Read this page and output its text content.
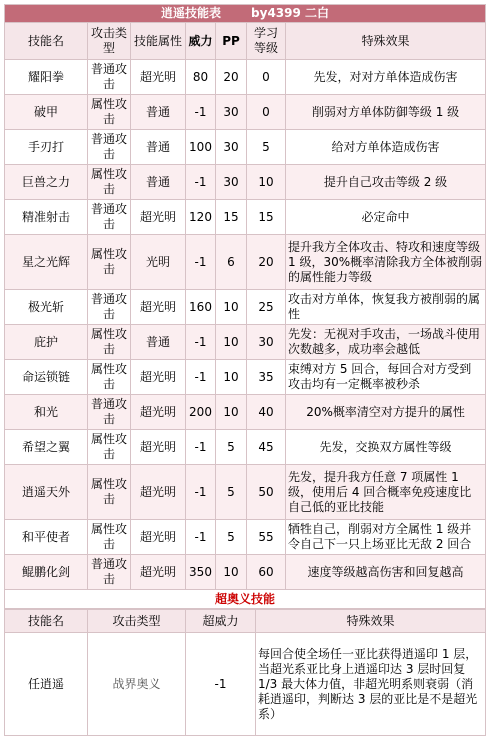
逍遥技能表 by4399 二白						
技能名	攻击类型	技能属性	威力	PP	学习等级	特殊效果
耀阳拳	普通攻击	超光明	80	20	0	先发，对对方单体造成伤害
破甲	属性攻击	普通	-1	30	0	削弱对方单体防御等级 1 级
手刃打	普通攻击	普通	100	30	5	给对方单体造成伤害
巨兽之力	属性攻击	普通	-1	30	10	提升自己攻击等级 2 级
精准射击	普通攻击	超光明	120	15	15	必定命中
星之光辉	属性攻击	光明	-1	6	20	提升我方全体攻击、特攻和速度等级 1 级，30%概率清除我方全体被削弱的属性能力等级
极光斩	普通攻击	超光明	160	10	25	攻击对方单体，恢复我方被削弱的属性
庇护	属性攻击	普通	-1	10	30	先发：无视对手攻击，一场战斗使用次数越多，成功率会越低
命运锁链	属性攻击	超光明	-1	10	35	束缚对方 5 回合，每回合对方受到攻击均有一定概率被秒杀
和光	普通攻击	超光明	200	10	40	20%概率清空对方提升的属性
希望之翼	属性攻击	超光明	-1	5	45	先发，交换双方属性等级
逍遥天外	属性攻击	超光明	-1	5	50	先发，提升我方任意 7 项属性 1 级，使用后 4 回合概率免疫速度比自己低的亚比技能
和平使者	属性攻击	超光明	-1	5	55	牺牲自己，削弱对方全属性 1 级并令自己下一只上场亚比无敌 2 回合
鲲鹏化剑	普通攻击	超光明	350	10	60	速度等级越高伤害和回复越高
超奥义技能						
技能名	攻击类型	超威力	特殊效果
任逍遥	战界奥义	-1	每回合使全场任一亚比获得逍遥印 1 层，当超光系亚比身上逍遥印达 3 层时回复 1/3 最大体力值，非超光明系则衰弱（消耗逍遥印，判断达 3 层的亚比是不是超光系）
